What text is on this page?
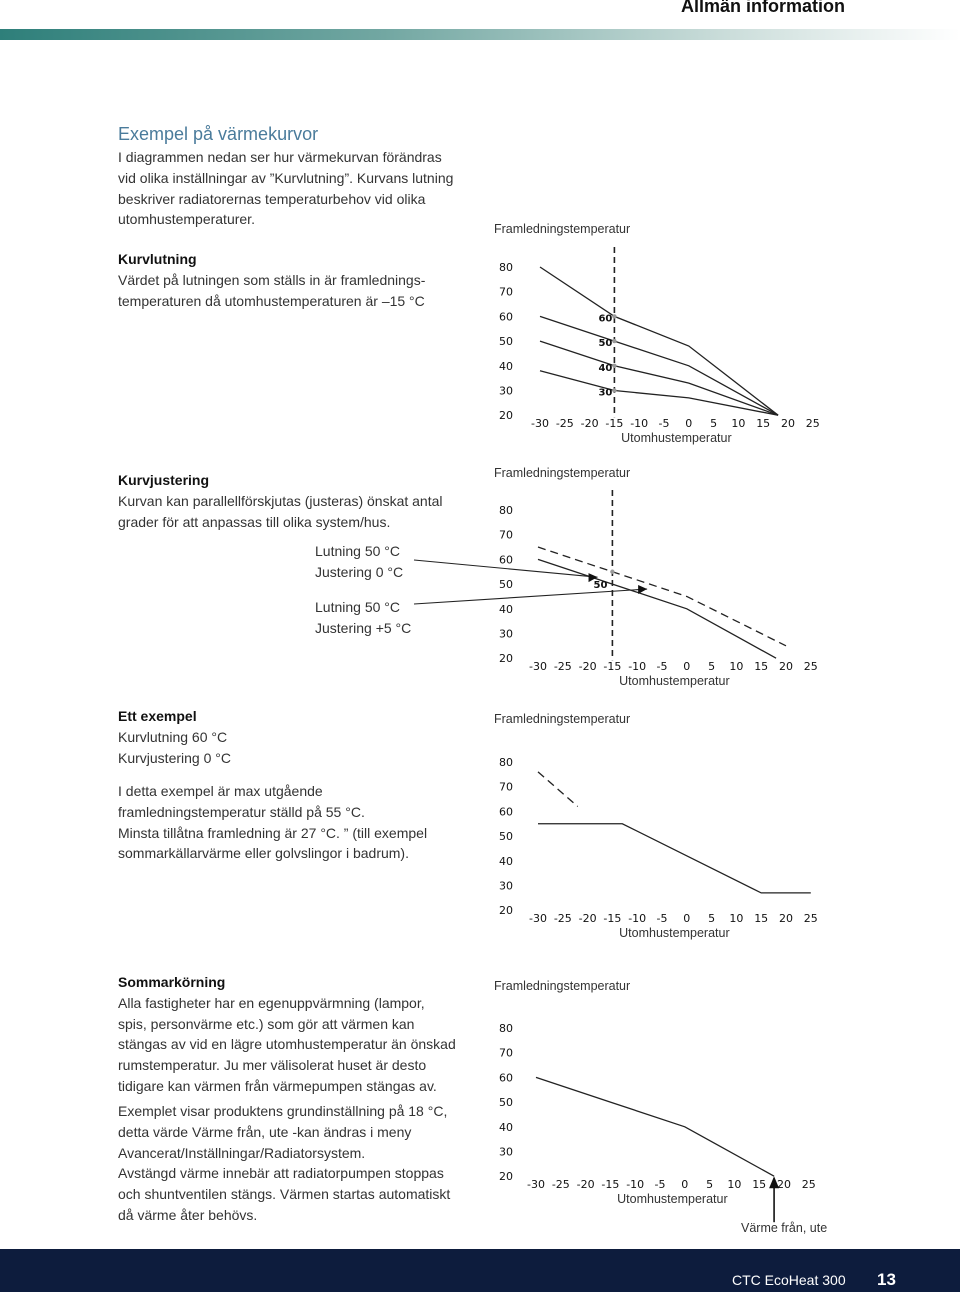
Allmän information
Exempel på värmekurvor

I diagrammen nedan ser hur värmekurvan förändras

vid olika inställningar av ”Kurvlutning”. Kurvans lutning

beskriver radiatorernas temperaturbehov vid olika

utomhustemperaturer.

Kurvlutning

Värdet på lutningen som ställs in är framlednings-

temperaturen då utomhustemperaturen är –15 °C

Kurvjustering

Kurvan kan parallellförskjutas (justeras) önskat antal

grader för att anpassas till olika system/hus.

Lutning 50 °C

Justering 0 °C

Lutning 50 °C

Justering +5 °C

Ett exempel

Kurvlutning 60 °C

Kurvjustering 0 °C

I detta exempel är max utgående

framledningstemperatur ställd på 55 °C.

Minsta tillåtna framledning är 27 °C. ” (till exempel

sommarkällarvärme eller golvslingor i badrum).

Sommarkörning

Alla fastigheter har en egenuppvärmning (lampor,

spis, personvärme etc.) som gör att värmen kan

stängas av vid en lägre utomhustemperatur än önskad

rumstemperatur. Ju mer välisolerat huset är desto

tidigare kan värmen från värmepumpen stängas av.

Exemplet visar produktens grundinställning på 18 °C,

detta värde Värme från, ute -kan ändras i meny

Avancerat/Inställningar/Radiatorsystem.

Avstängd värme innebär att radiatorpumpen stoppas

och shuntventilen stängs. Värmen startas automatiskt

då värme åter behövs.

Framledningstemperatur
80
70
60
50
40
30
20
-30 -25 -20 -15 -10 -5 0 5 10 15 20 25
Utomhustemperatur
60
50
40
30
Framledningstemperatur
80
70
60
50
40
30
20
-30 -25 -20 -15 -10 -5 0 5 10 15 20 25
Utomhustemperatur
50
Framledningstemperatur
80
70
60
50
40
30
20
-30 -25 -20 -15 -10 -5 0 5 10 15 20 25
Utomhustemperatur
Framledningstemperatur
80
70
60
50
40
30
20
-30 -25 -20 -15 -10 -5 0 5 10 15 20 25
Utomhustemperatur
Värme från, ute
CTC EcoHeat 300 13
